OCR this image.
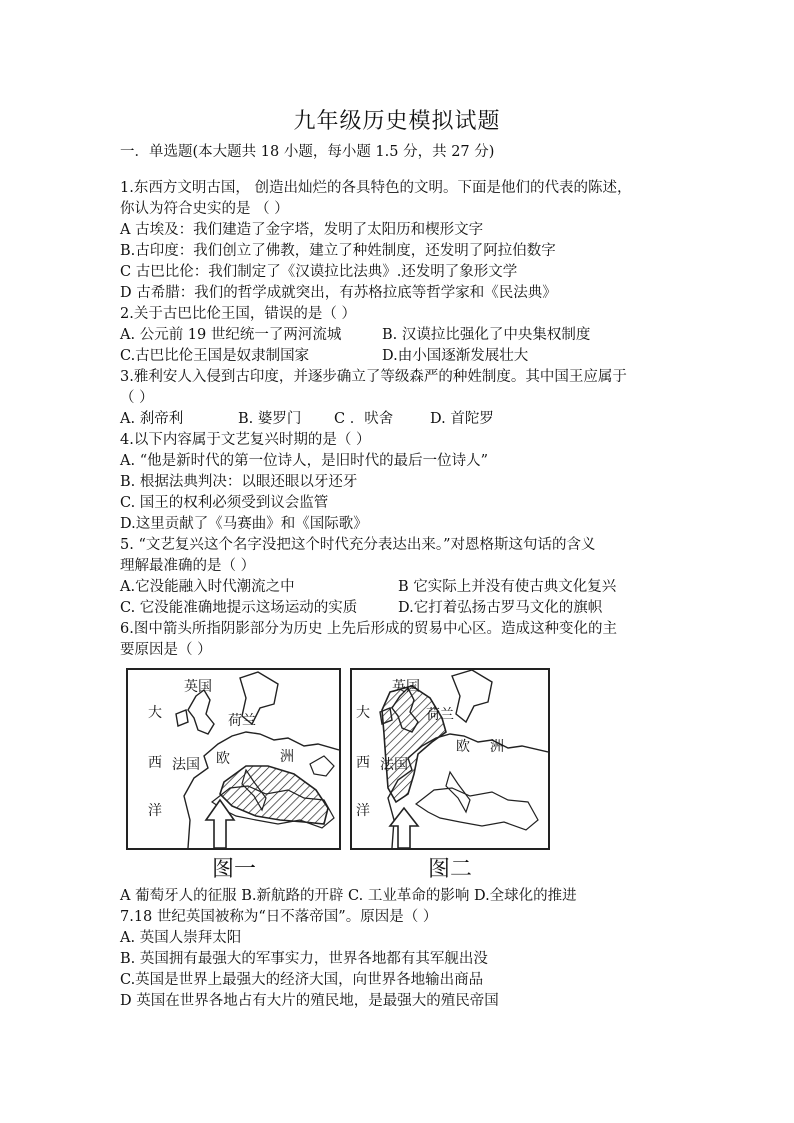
九年级历史模拟试题
一．单选题(本大题共 18 小题，每小题 1.5 分，共 27 分)
1.东西方文明古国， 创造出灿烂的各具特色的文明。下面是他们的代表的陈述，
你认为符合史实的是 （ ）
A 古埃及：我们建造了金字塔，发明了太阳历和楔形文字
B.古印度：我们创立了佛教，建立了种姓制度，还发明了阿拉伯数字
C 古巴比伦：我们制定了《汉谟拉比法典》.还发明了象形文学
D 古希腊：我们的哲学成就突出，有苏格拉底等哲学家和《民法典》
2.关于古巴比伦王国，错误的是（ ）
A. 公元前 19 世纪统一了两河流城	B. 汉谟拉比强化了中央集权制度
C.古巴比伦王国是奴隶制国家	D.由小国逐渐发展壮大
3.雅利安人入侵到古印度，并逐步确立了等级森严的种姓制度。其中国王应属于
（ ）
A. 刹帝利	B. 婆罗门	C ．吠舍	D. 首陀罗
4.以下内容属于文艺复兴时期的是（ ）
A. “他是新时代的第一位诗人，是旧时代的最后一位诗人”
B. 根据法典判决：以眼还眼以牙还牙
C. 国王的权利必须受到议会监管
D.这里贡献了《马赛曲》和《国际歌》
5. “文艺复兴这个名字没把这个时代充分表达出来。”对恩格斯这句话的含义
理解最准确的是（ ）
A.它没能融入时代潮流之中	B 它实际上并没有使古典文化复兴
C. 它没能准确地提示这场运动的实质	D.它打着弘扬古罗马文化的旗帜
6.图中箭头所指阴影部分为历史 上先后形成的贸易中心区。造成这种变化的主
要原因是（ ）
英国
荷兰
大
西
洋
法国 欧	洲
图一
英国
荷兰
大
西
洋
法国
欧 洲
图二
A 葡萄牙人的征服 B.新航路的开辟 C. 工业革命的影响 D.全球化的推进
7.18 世纪英国被称为“日不落帝国”。原因是（ ）
A. 英国人崇拜太阳
B. 英国拥有最强大的军事实力，世界各地都有其军舰出没
C.英国是世界上最强大的经济大国，向世界各地输出商品
D 英国在世界各地占有大片的殖民地，是最强大的殖民帝国
